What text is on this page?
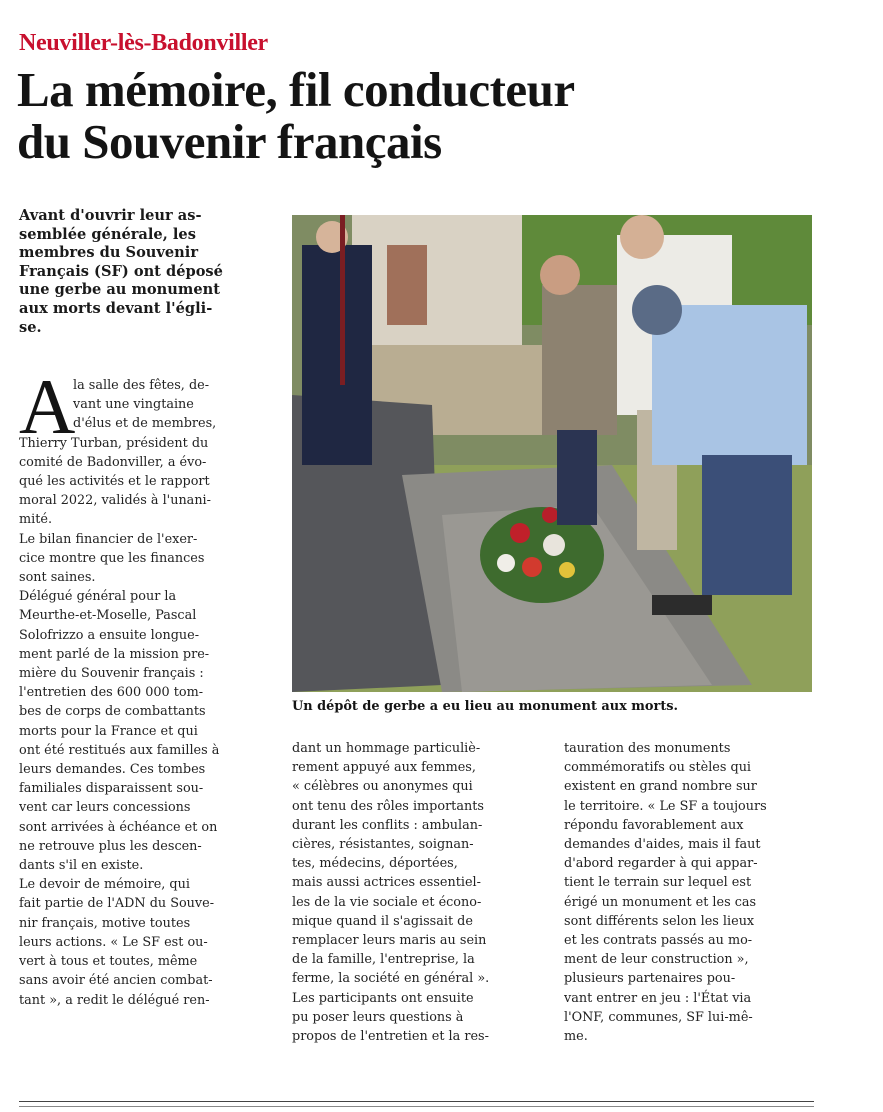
Neuviller-lès-Badonviller
La mémoire, fil conducteur
du Souvenir français
Avant d'ouvrir leur as-
semblée générale, les
membres du Souvenir
Français (SF) ont déposé
une gerbe au monument
aux morts devant l'égli-
se.
A
la salle des fêtes, de-
vant une vingtaine
d'élus et de membres,
Thierry Turban, président du
comité de Badonviller, a évo-
qué les activités et le rapport
moral 2022, validés à l'unani-
mité.
Le bilan financier de l'exer-
cice montre que les finances
sont saines.
Délégué général pour la
Meurthe-et-Moselle, Pascal
Solofrizzo a ensuite longue-
ment parlé de la mission pre-
mière du Souvenir français :
l'entretien des 600 000 tom-
bes de corps de combattants
morts pour la France et qui
ont été restitués aux familles à
leurs demandes. Ces tombes
familiales disparaissent sou-
vent car leurs concessions
sont arrivées à échéance et on
ne retrouve plus les descen-
dants s'il en existe.
Le devoir de mémoire, qui
fait partie de l'ADN du Souve-
nir français, motive toutes
leurs actions. « Le SF est ou-
vert à tous et toutes, même
sans avoir été ancien combat-
tant », a redit le délégué ren-
Un dépôt de gerbe a eu lieu au monument aux morts.
dant un hommage particuliè-
rement appuyé aux femmes,
« célèbres ou anonymes qui
ont tenu des rôles importants
durant les conflits : ambulan-
cières, résistantes, soignan-
tes, médecins, déportées,
mais aussi actrices essentiel-
les de la vie sociale et écono-
mique quand il s'agissait de
remplacer leurs maris au sein
de la famille, l'entreprise, la
ferme, la société en général ».
Les participants ont ensuite
pu poser leurs questions à
propos de l'entretien et la res-
tauration des monuments
commémoratifs ou stèles qui
existent en grand nombre sur
le territoire. « Le SF a toujours
répondu favorablement aux
demandes d'aides, mais il faut
d'abord regarder à qui appar-
tient le terrain sur lequel est
érigé un monument et les cas
sont différents selon les lieux
et les contrats passés au mo-
ment de leur construction »,
plusieurs partenaires pou-
vant entrer en jeu : l'État via
l'ONF, communes, SF lui-mê-
me.
